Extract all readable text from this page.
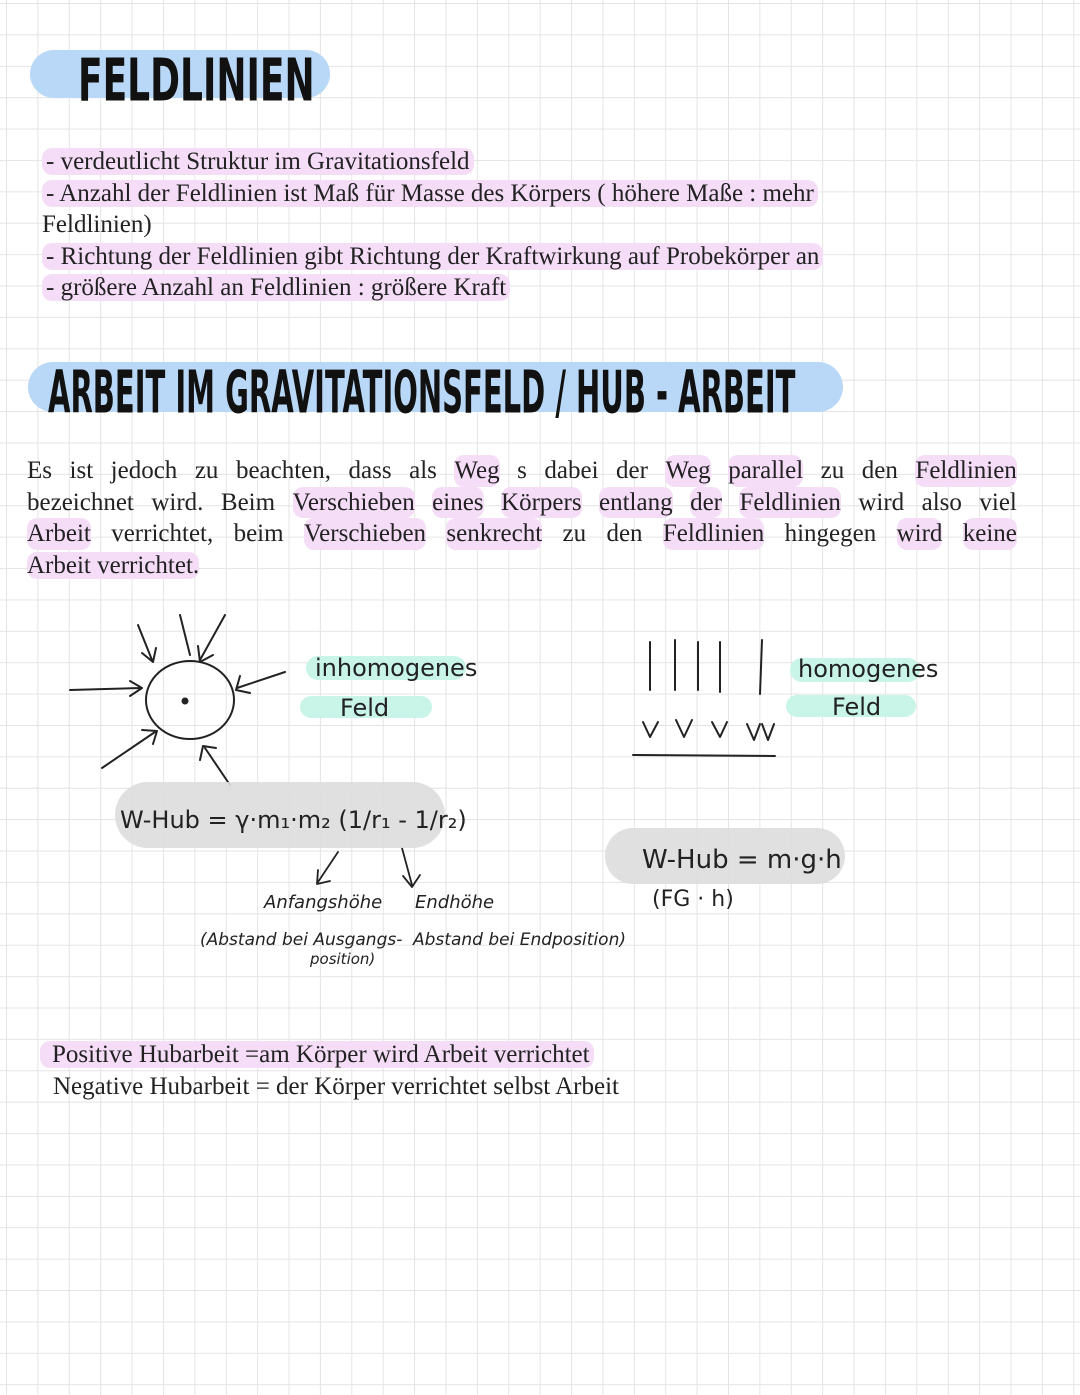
FELDLINIEN
- verdeutlicht Struktur im Gravitationsfeld
- Anzahl der Feldlinien ist Maß für Masse des Körpers ( höhere Maße : mehr
Feldlinien)
- Richtung der Feldlinien gibt Richtung der Kraftwirkung auf Probekörper an
- größere Anzahl an Feldlinien : größere Kraft
ARBEIT IM GRAVITATIONSFELD / HUB - ARBEIT
Es ist jedoch zu beachten, dass als Weg s dabei der Weg parallel zu den Feldlinien
bezeichnet wird. Beim Verschieben eines Körpers entlang der Feldlinien wird also viel
Arbeit verrichtet, beim Verschieben senkrecht zu den Feldlinien hingegen wird keine
Arbeit verrichtet.
inhomogenes
Feld
homogenes
Feld
W-Hub = γ·m₁·m₂ (1/r₁ - 1/r₂)
Anfangshöhe
(Abstand bei Ausgangs-
position)
Endhöhe
Abstand bei Endposition)
W-Hub = m·g·h
(FG · h)
Positive Hubarbeit =am Körper wird Arbeit verrichtet
Negative Hubarbeit = der Körper verrichtet selbst Arbeit
